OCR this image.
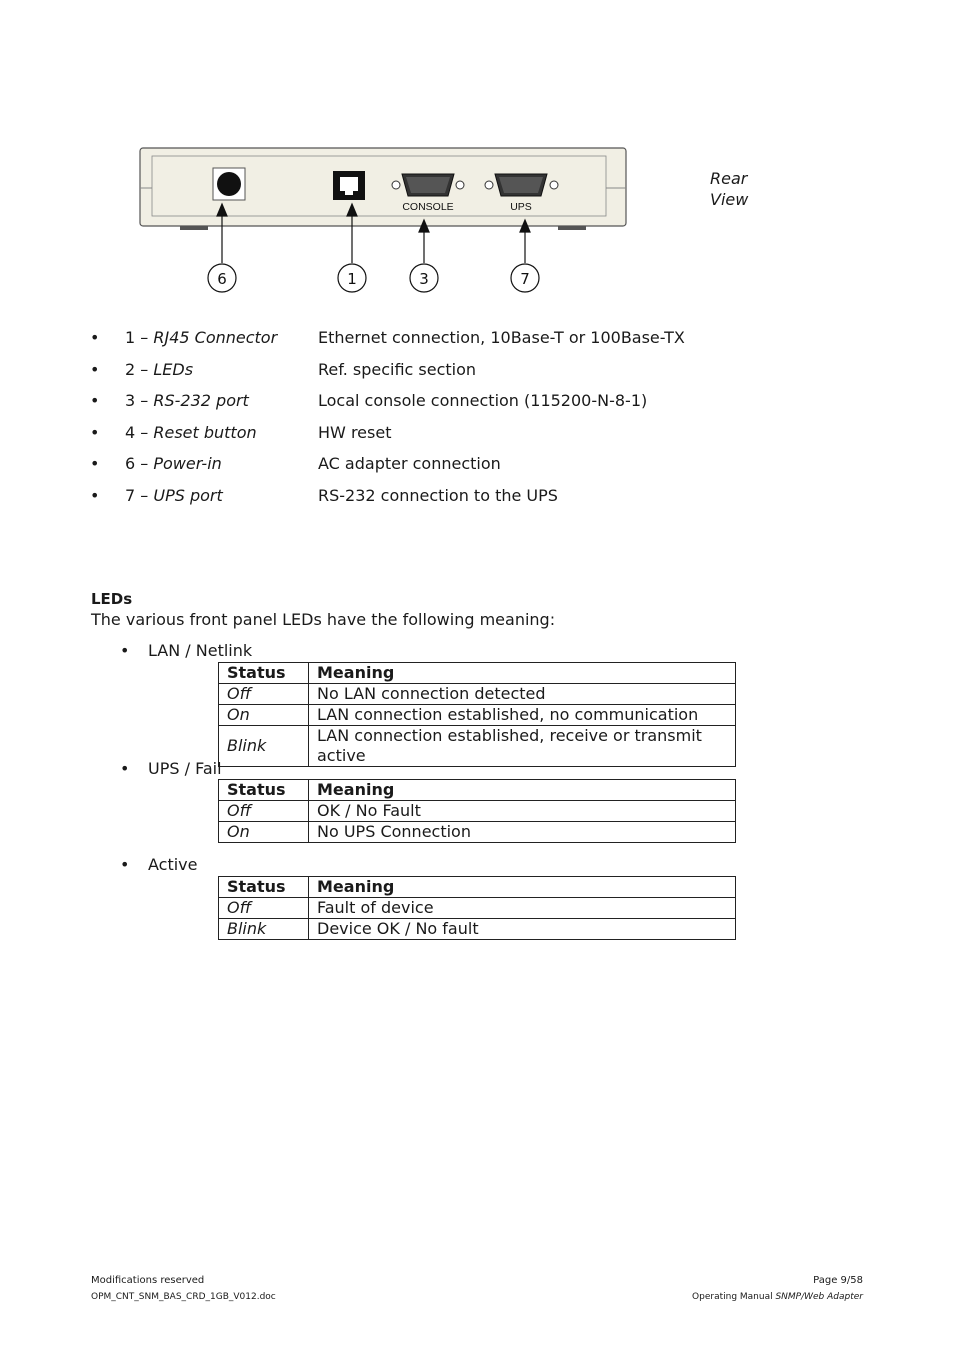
CONSOLE	UPS
6	1	3	7
Rear
View
• 1 – RJ45 Connector	Ethernet connection, 10Base-T or 100Base-TX
• 2 – LEDs	Ref. specific section
• 3 – RS-232 port	Local console connection (115200-N-8-1)
• 4 – Reset button	HW reset
• 6 – Power-in	AC adapter connection
• 7 – UPS port	RS-232 connection to the UPS
LEDs
The various front panel LEDs have the following meaning:
• LAN / Netlink
Status	Meaning
Off	No LAN connection detected
On	LAN connection established, no communication
Blink	LAN connection established, receive or transmit active
• UPS / Fail
Status	Meaning
Off	OK / No Fault
On	No UPS Connection
• Active
Status	Meaning
Off	Fault of device
Blink	Device OK / No fault
Modifications reserved
OPM_CNT_SNM_BAS_CRD_1GB_V012.doc
Page 9/58
Operating Manual SNMP/Web Adapter
